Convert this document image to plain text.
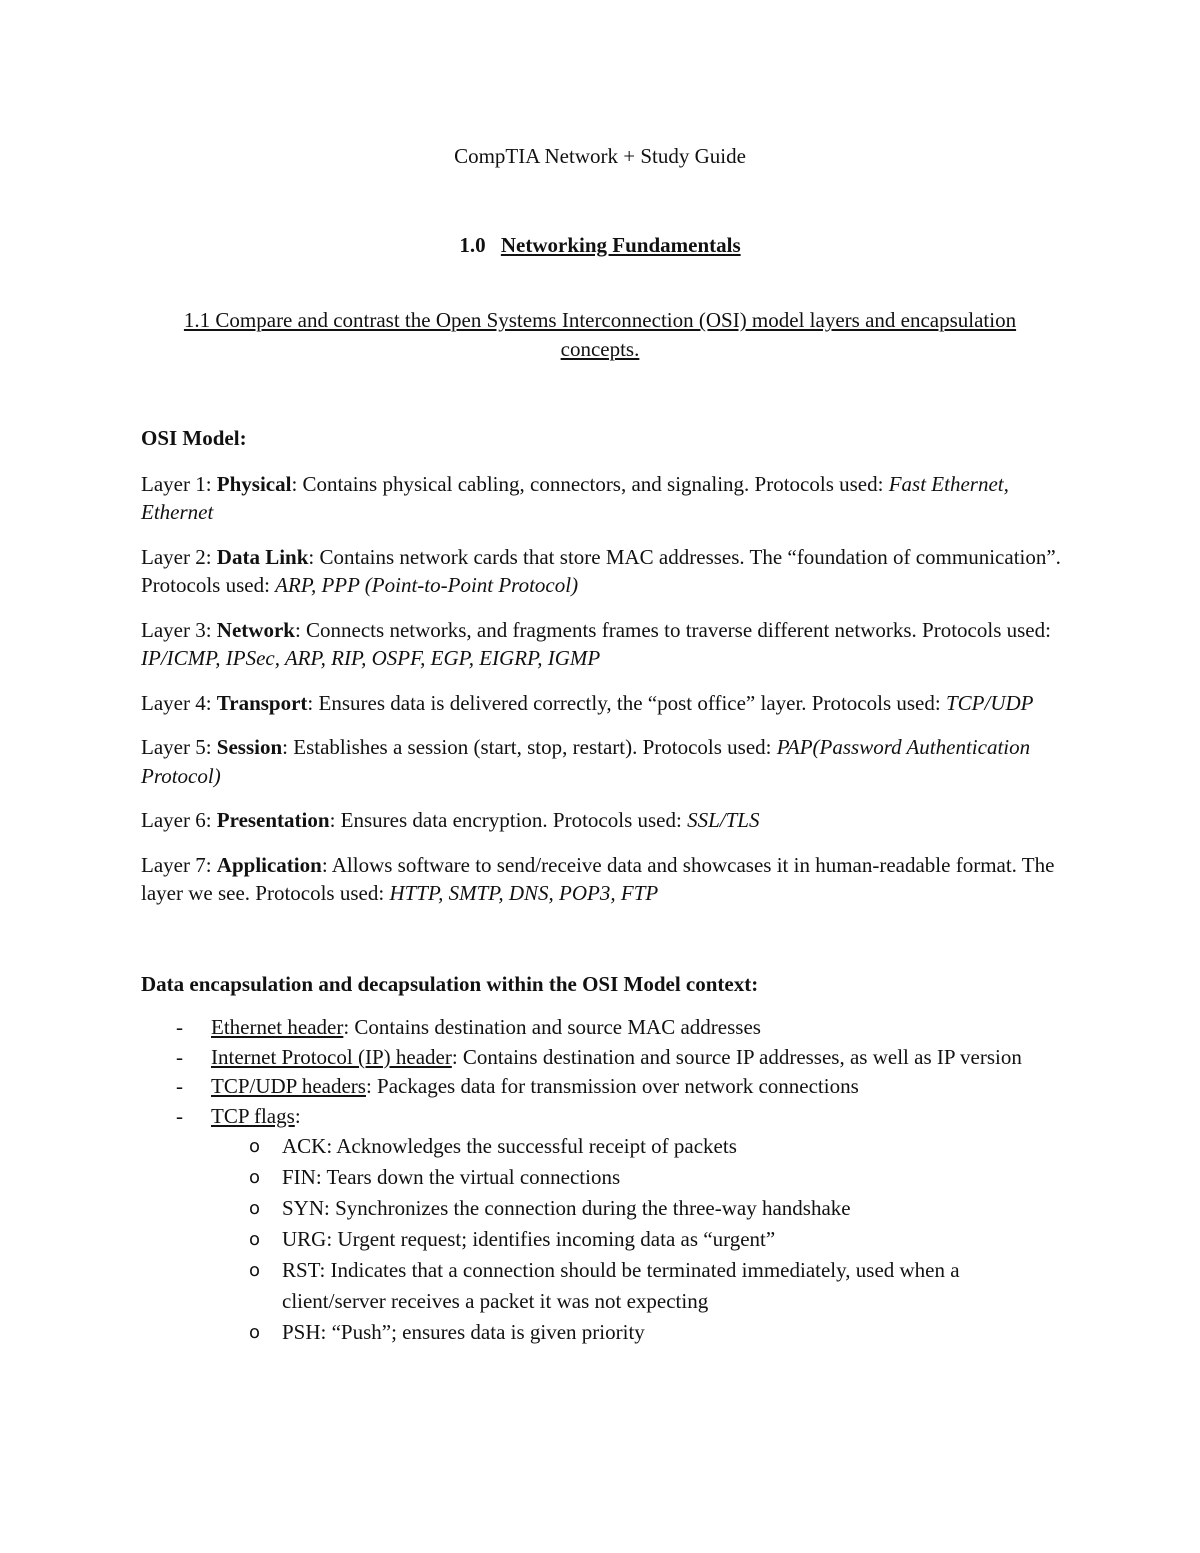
CompTIA Network + Study Guide
1.0 Networking Fundamentals
1.1 Compare and contrast the Open Systems Interconnection (OSI) model layers and encapsulation concepts.
OSI Model:
Layer 1: Physical: Contains physical cabling, connectors, and signaling. Protocols used: Fast Ethernet, Ethernet
Layer 2: Data Link: Contains network cards that store MAC addresses. The “foundation of communication”. Protocols used: ARP, PPP (Point-to-Point Protocol)
Layer 3: Network: Connects networks, and fragments frames to traverse different networks. Protocols used: IP/ICMP, IPSec, ARP, RIP, OSPF, EGP, EIGRP, IGMP
Layer 4: Transport: Ensures data is delivered correctly, the “post office” layer. Protocols used: TCP/UDP
Layer 5: Session: Establishes a session (start, stop, restart). Protocols used: PAP(Password Authentication Protocol)
Layer 6: Presentation: Ensures data encryption. Protocols used: SSL/TLS
Layer 7: Application: Allows software to send/receive data and showcases it in human-readable format. The layer we see. Protocols used: HTTP, SMTP, DNS, POP3, FTP
Data encapsulation and decapsulation within the OSI Model context:
- Ethernet header: Contains destination and source MAC addresses
- Internet Protocol (IP) header: Contains destination and source IP addresses, as well as IP version
- TCP/UDP headers: Packages data for transmission over network connections
- TCP flags:
o ACK: Acknowledges the successful receipt of packets
o FIN: Tears down the virtual connections
o SYN: Synchronizes the connection during the three-way handshake
o URG: Urgent request; identifies incoming data as “urgent”
o RST: Indicates that a connection should be terminated immediately, used when a client/server receives a packet it was not expecting
o PSH: “Push”; ensures data is given priority
